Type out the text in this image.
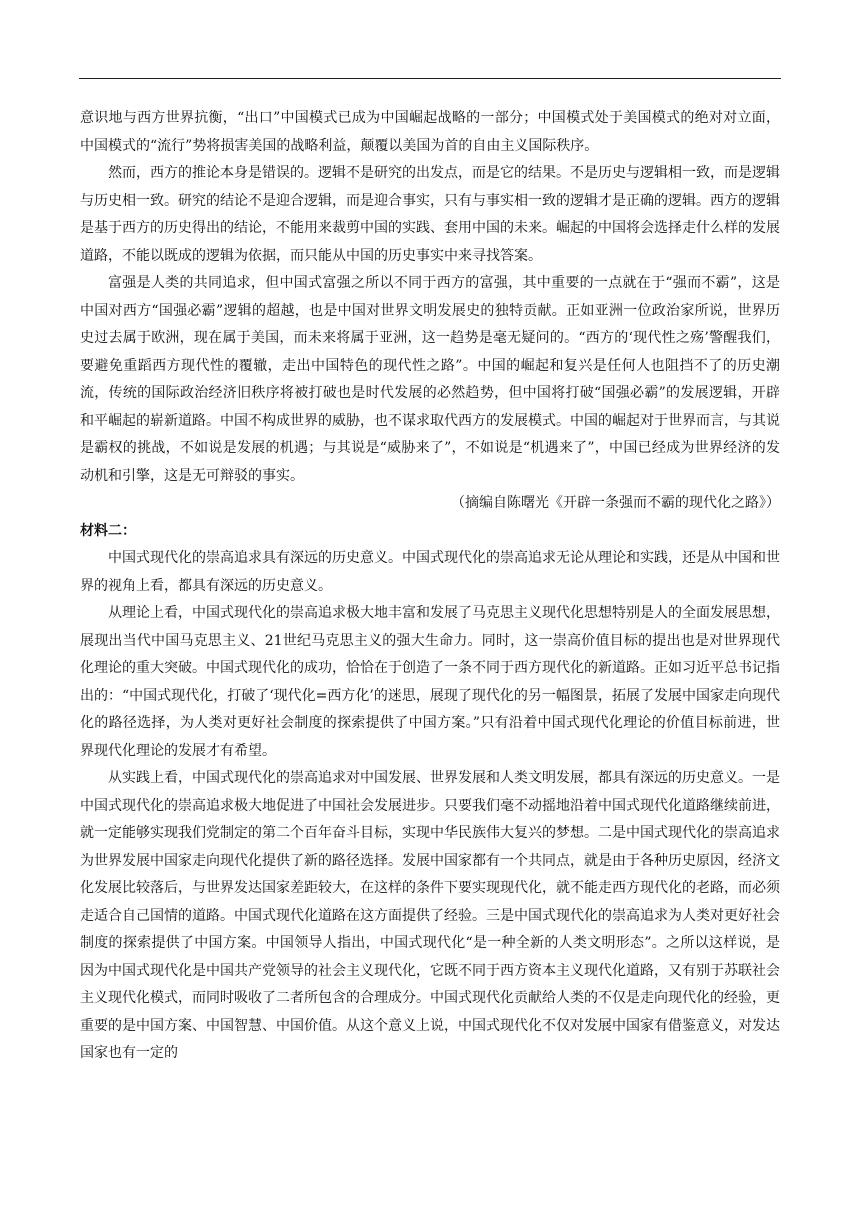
意识地与西方世界抗衡，“出口”中国模式已成为中国崛起战略的一部分；中国模式处于美国模式的绝对对立面，中国模式的“流行”势将损害美国的战略利益，颠覆以美国为首的自由主义国际秩序。

然而，西方的推论本身是错误的。逻辑不是研究的出发点，而是它的结果。不是历史与逻辑相一致，而是逻辑与历史相一致。研究的结论不是迎合逻辑，而是迎合事实，只有与事实相一致的逻辑才是正确的逻辑。西方的逻辑是基于西方的历史得出的结论，不能用来裁剪中国的实践、套用中国的未来。崛起的中国将会选择走什么样的发展道路，不能以既成的逻辑为依据，而只能从中国的历史事实中来寻找答案。

富强是人类的共同追求，但中国式富强之所以不同于西方的富强，其中重要的一点就在于“强而不霸”，这是中国对西方“国强必霸”逻辑的超越，也是中国对世界文明发展史的独特贡献。正如亚洲一位政治家所说，世界历史过去属于欧洲，现在属于美国，而未来将属于亚洲，这一趋势是毫无疑问的。“西方的‘现代性之殇’警醒我们，要避免重蹈西方现代性的覆辙，走出中国特色的现代性之路”。中国的崛起和复兴是任何人也阻挡不了的历史潮流，传统的国际政治经济旧秩序将被打破也是时代发展的必然趋势，但中国将打破“国强必霸”的发展逻辑，开辟和平崛起的崭新道路。中国不构成世界的威胁，也不谋求取代西方的发展模式。中国的崛起对于世界而言，与其说是霸权的挑战，不如说是发展的机遇；与其说是“威胁来了”，不如说是“机遇来了”，中国已经成为世界经济的发动机和引擎，这是无可辩驳的事实。

（摘编自陈曙光《开辟一条强而不霸的现代化之路》）

材料二：

中国式现代化的崇高追求具有深远的历史意义。中国式现代化的崇高追求无论从理论和实践，还是从中国和世界的视角上看，都具有深远的历史意义。

从理论上看，中国式现代化的崇高追求极大地丰富和发展了马克思主义现代化思想特别是人的全面发展思想，展现出当代中国马克思主义、21世纪马克思主义的强大生命力。同时，这一崇高价值目标的提出也是对世界现代化理论的重大突破。中国式现代化的成功，恰恰在于创造了一条不同于西方现代化的新道路。正如习近平总书记指出的：“中国式现代化，打破了‘现代化=西方化’的迷思，展现了现代化的另一幅图景，拓展了发展中国家走向现代化的路径选择，为人类对更好社会制度的探索提供了中国方案。”只有沿着中国式现代化理论的价值目标前进，世界现代化理论的发展才有希望。

从实践上看，中国式现代化的崇高追求对中国发展、世界发展和人类文明发展，都具有深远的历史意义。一是中国式现代化的崇高追求极大地促进了中国社会发展进步。只要我们毫不动摇地沿着中国式现代化道路继续前进，就一定能够实现我们党制定的第二个百年奋斗目标，实现中华民族伟大复兴的梦想。二是中国式现代化的崇高追求为世界发展中国家走向现代化提供了新的路径选择。发展中国家都有一个共同点，就是由于各种历史原因，经济文化发展比较落后，与世界发达国家差距较大，在这样的条件下要实现现代化，就不能走西方现代化的老路，而必须走适合自己国情的道路。中国式现代化道路在这方面提供了经验。三是中国式现代化的崇高追求为人类对更好社会制度的探索提供了中国方案。中国领导人指出，中国式现代化“是一种全新的人类文明形态”。之所以这样说，是因为中国式现代化是中国共产党领导的社会主义现代化，它既不同于西方资本主义现代化道路，又有别于苏联社会主义现代化模式，而同时吸收了二者所包含的合理成分。中国式现代化贡献给人类的不仅是走向现代化的经验，更重要的是中国方案、中国智慧、中国价值。从这个意义上说，中国式现代化不仅对发展中国家有借鉴意义，对发达国家也有一定的
